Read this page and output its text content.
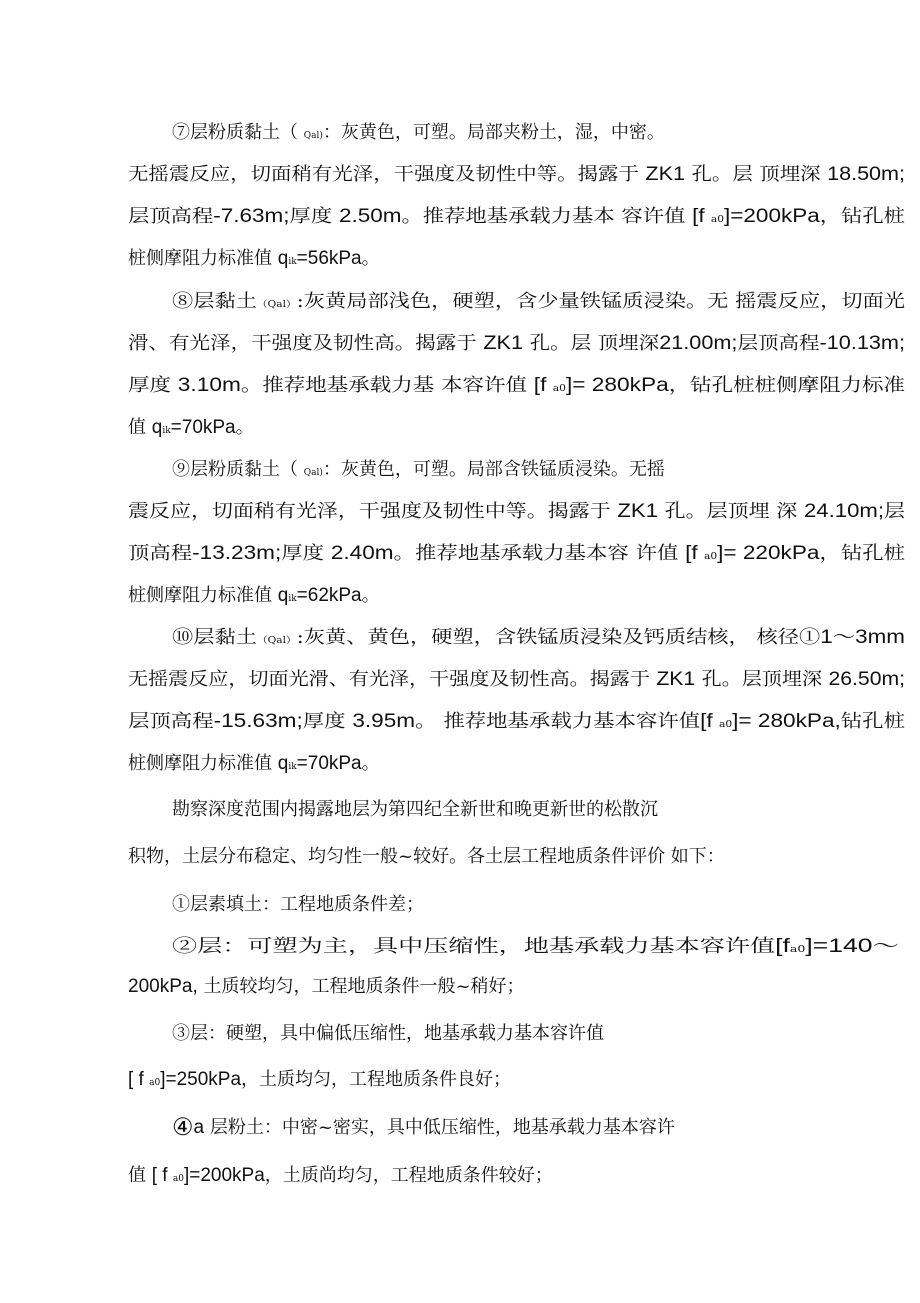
⑦层粉质黏土（ Qal)：灰黄色，可塑。局部夹粉土，湿，中密。
无摇震反应，切面稍有光泽，干强度及韧性中等。揭露于 ZK1 孔。层 顶埋深 18.50m;
层顶高程-7.63m;厚度 2.50m。推荐地基承载力基本 容许值 [f a0]=200kPa，钻孔桩
桩侧摩阻力标准值 qik=56kPa。
⑧层黏土（Qal）:灰黄局部浅色，硬塑，含少量铁锰质浸染。无 摇震反应，切面光
滑、有光泽，干强度及韧性高。揭露于 ZK1 孔。层 顶埋深21.00m;层顶高程-10.13m;
厚度 3.10m。推荐地基承载力基 本容许值 [f a0]= 280kPa，钻孔桩桩侧摩阻力标准
值 qik=70kPa。
⑨层粉质黏土（ Qal)：灰黄色，可塑。局部含铁锰质浸染。无摇
震反应，切面稍有光泽，干强度及韧性中等。揭露于 ZK1 孔。层顶埋 深 24.10m;层
顶高程-13.23m;厚度 2.40m。推荐地基承载力基本容 许值 [f a0]= 220kPa，钻孔桩
桩侧摩阻力标准值 qik=62kPa。
⑩层黏土（Qal）:灰黄、黄色，硬塑，含铁锰质浸染及钙质结核， 核径①1～3mm
无摇震反应，切面光滑、有光泽，干强度及韧性高。揭露于 ZK1 孔。层顶埋深 26.50m;
层顶高程-15.63m;厚度 3.95m。 推荐地基承载力基本容许值[f a0]= 280kPa,钻孔桩
桩侧摩阻力标准值 qik=70kPa。
勘察深度范围内揭露地层为第四纪全新世和晚更新世的松散沉
积物，土层分布稳定、均匀性一般~较好。各土层工程地质条件评价 如下：
①层素填土：工程地质条件差；
②层：可塑为主，具中压缩性，地基承载力基本容许值[fa0]=140～
200kPa, 土质较均匀，工程地质条件一般~稍好；
③层：硬塑，具中偏低压缩性，地基承载力基本容许值
[ f a0]=250kPa，土质均匀，工程地质条件良好；
④a 层粉土：中密~密实，具中低压缩性，地基承载力基本容许
值 [ f a0]=200kPa，土质尚均匀，工程地质条件较好；
